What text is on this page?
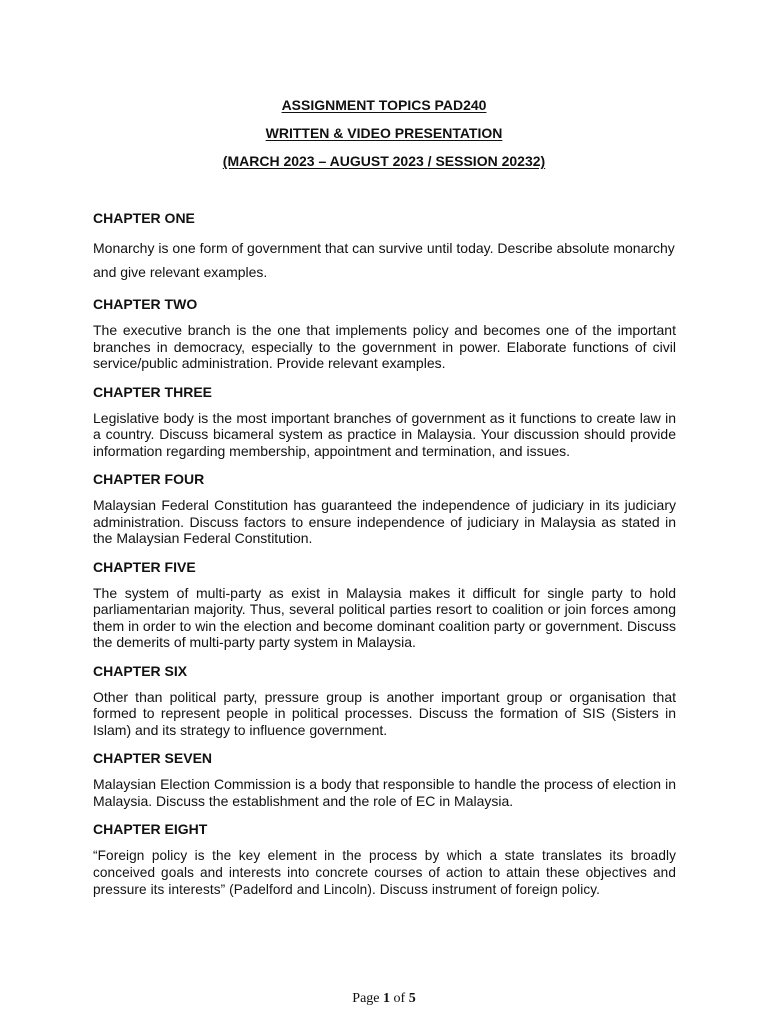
ASSIGNMENT TOPICS PAD240
WRITTEN & VIDEO PRESENTATION
(MARCH 2023 – AUGUST 2023 / SESSION 20232)
CHAPTER ONE
Monarchy is one form of government that can survive until today. Describe absolute monarchy and give relevant examples.
CHAPTER TWO
The executive branch is the one that implements policy and becomes one of the important branches in democracy, especially to the government in power. Elaborate functions of civil service/public administration. Provide relevant examples.
CHAPTER THREE
Legislative body is the most important branches of government as it functions to create law in a country. Discuss bicameral system as practice in Malaysia. Your discussion should provide information regarding membership, appointment and termination, and issues.
CHAPTER FOUR
Malaysian Federal Constitution has guaranteed the independence of judiciary in its judiciary administration. Discuss factors to ensure independence of judiciary in Malaysia as stated in the Malaysian Federal Constitution.
CHAPTER FIVE
The system of multi-party as exist in Malaysia makes it difficult for single party to hold parliamentarian majority. Thus, several political parties resort to coalition or join forces among them in order to win the election and become dominant coalition party or government. Discuss the demerits of multi-party party system in Malaysia.
CHAPTER SIX
Other than political party, pressure group is another important group or organisation that formed to represent people in political processes. Discuss the formation of SIS (Sisters in Islam) and its strategy to influence government.
CHAPTER SEVEN
Malaysian Election Commission is a body that responsible to handle the process of election in Malaysia. Discuss the establishment and the role of EC in Malaysia.
CHAPTER EIGHT
“Foreign policy is the key element in the process by which a state translates its broadly conceived goals and interests into concrete courses of action to attain these objectives and pressure its interests” (Padelford and Lincoln). Discuss instrument of foreign policy.
Page 1 of 5
